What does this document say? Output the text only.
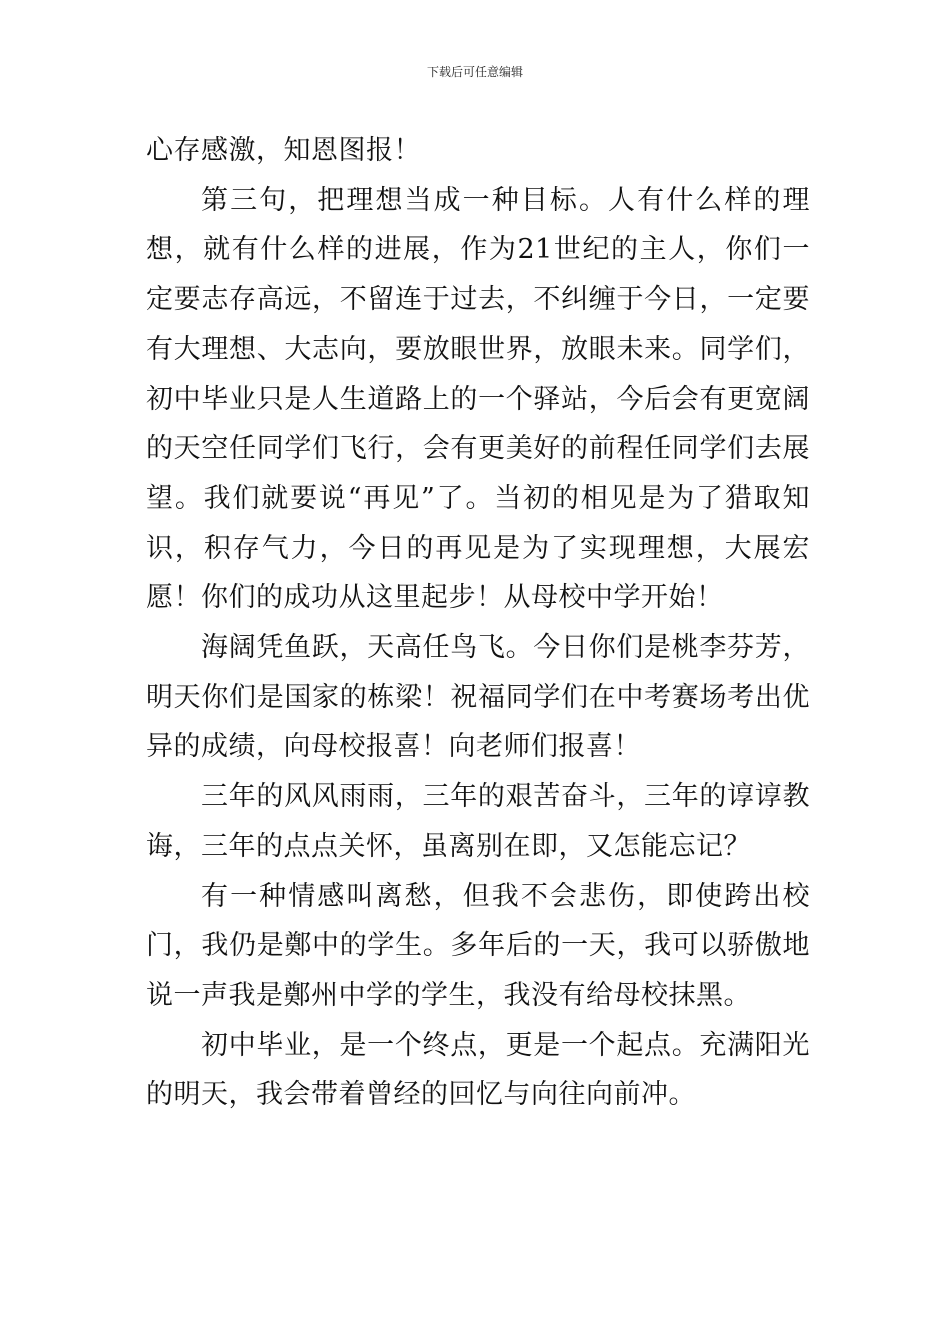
下载后可任意编辑

心存感激，知恩图报！

第三句，把理想当成一种目标。人有什么样的理想，就有什么样的进展，作为21世纪的主人，你们一定要志存高远，不留连于过去，不纠缠于今日，一定要有大理想、大志向，要放眼世界，放眼未来。同学们，初中毕业只是人生道路上的一个驿站，今后会有更宽阔的天空任同学们飞行，会有更美好的前程任同学们去展望。我们就要说“再见”了。当初的相见是为了猎取知识，积存气力，今日的再见是为了实现理想，大展宏愿！你们的成功从这里起步！从母校中学开始！

海阔凭鱼跃，天高任鸟飞。今日你们是桃李芬芳，明天你们是国家的栋梁！祝福同学们在中考赛场考出优异的成绩，向母校报喜！向老师们报喜！

三年的风风雨雨，三年的艰苦奋斗，三年的谆谆教诲，三年的点点关怀，虽离别在即，又怎能忘记？

有一种情感叫离愁，但我不会悲伤，即使跨出校门，我仍是鄭中的学生。多年后的一天，我可以骄傲地说一声我是鄭州中学的学生，我没有给母校抹黑。

初中毕业，是一个终点，更是一个起点。充满阳光的明天，我会带着曾经的回忆与向往向前冲。
